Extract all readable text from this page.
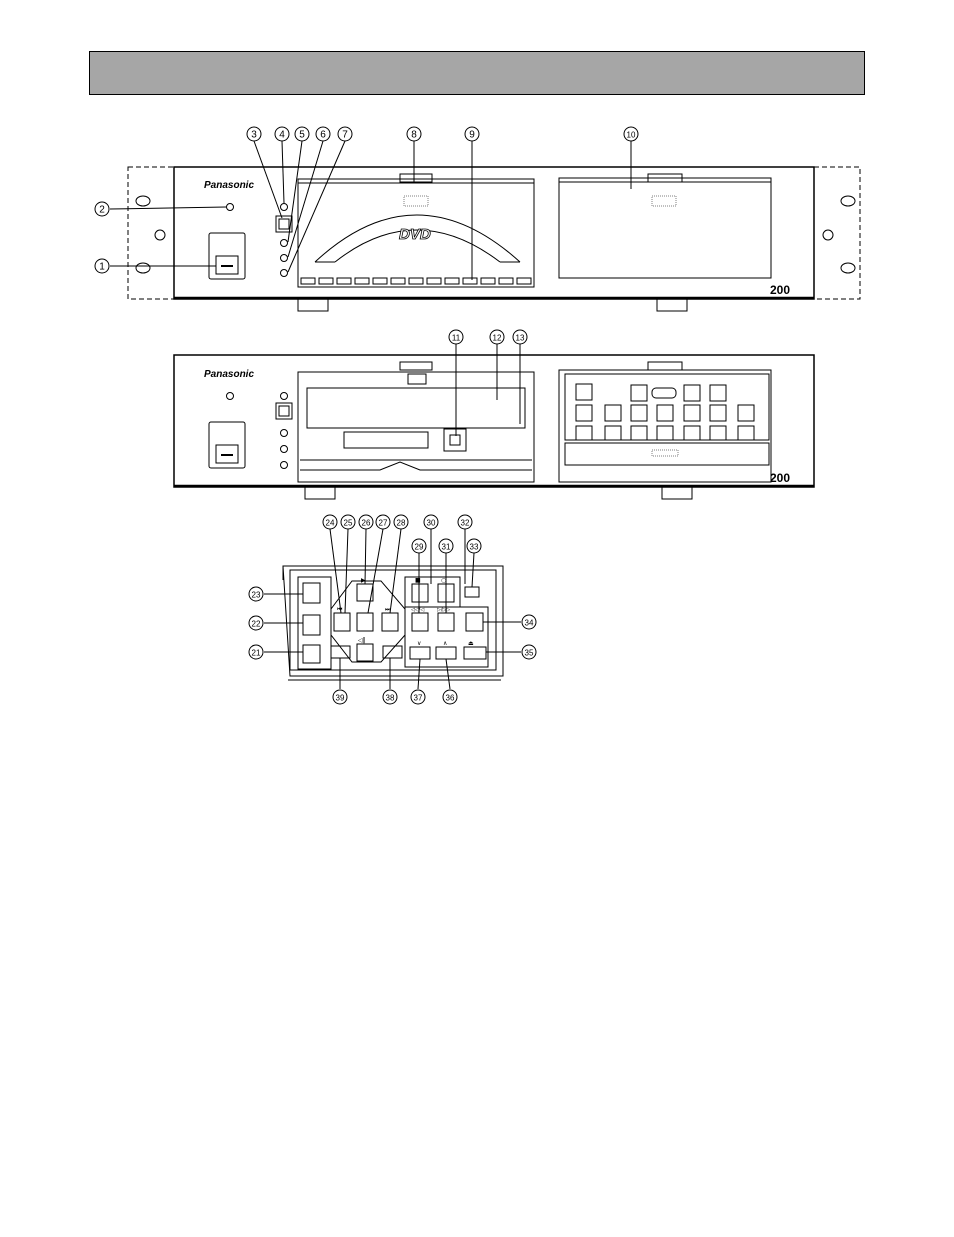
Panasonic
DVD
200
Panasonic
200
⏮
▶
⏭
◁‖
■	○
◁◁/◁	▷/▷▷
∨	∧	⏏
1
2
3 4 5 6 7	8	9	10
11	12 13
23
22
21
24 25 26 27 28	30	32
29 31 33
34
35
39	38 37	36
